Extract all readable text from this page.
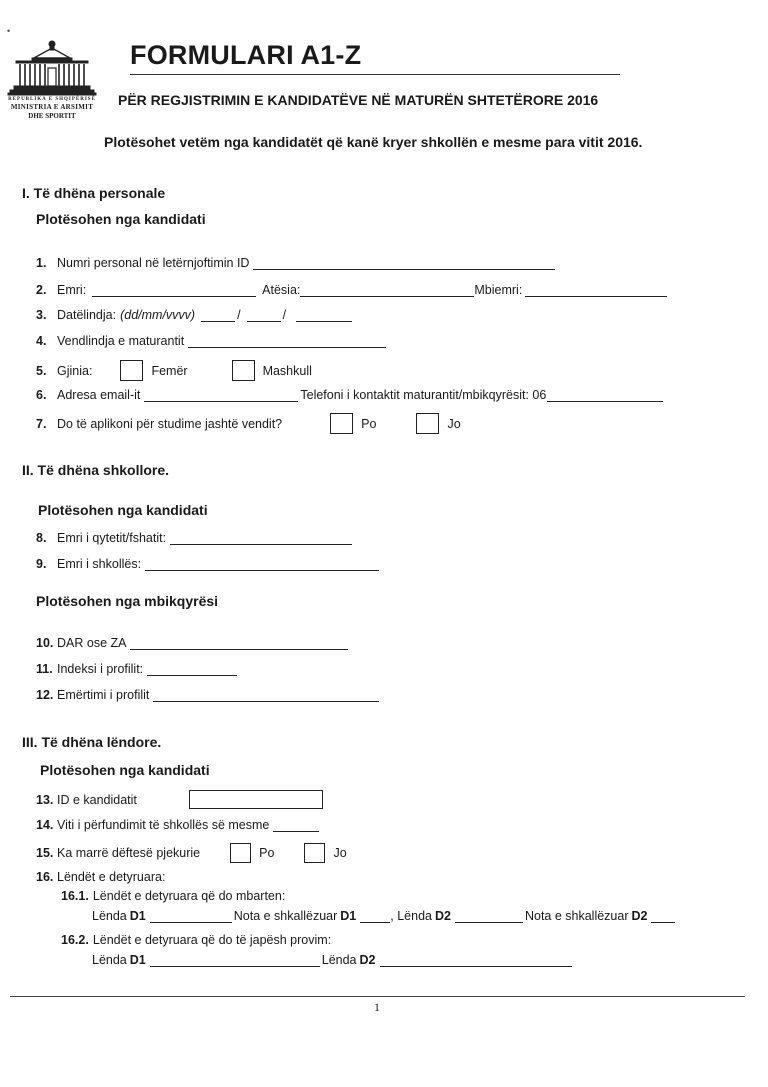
REPUBLIKA E SHQIPËRISË
MINISTRIA E ARSIMIT
DHE SPORTIT
•
FORMULARI A1-Z
PËR REGJISTRIMIN E KANDIDATËVE NË MATURËN SHTETËRORE 2016
Plotësohet vetëm nga kandidatët që kanë kryer shkollën e mesme para vitit 2016.
I. Të dhëna personale
Plotësohen nga kandidati
1. Numri personal në letërnjoftimin ID
2. Emri:	Atësia:	Mbiemri:
3. Datëlindja: (dd/mm/vvvv)	/	/
4. Vendlindja e maturantit
5. Gjinia:	Femër	Mashkull
6. Adresa email-it	Telefoni i kontaktit maturantit/mbikqyrësit: 06
7. Do të aplikoni për studime jashtë vendit?	Po	Jo
II. Të dhëna shkollore.
Plotësohen nga kandidati
8. Emri i qytetit/fshatit:
9. Emri i shkollës:
Plotësohen nga mbikqyrësi
10. DAR ose ZA
11. Indeksi i profilit:
12. Emërtimi i profilit
III. Të dhëna lëndore.
Plotësohen nga kandidati
13. ID e kandidatit
14. Viti i përfundimit të shkollës së mesme
15. Ka marrë dëftesë pjekurie	Po	Jo
16. Lëndët e detyruara:
16.1. Lëndët e detyruara që do mbarten:
Lënda D1	Nota e shkallëzuar D1	, Lënda D2	Nota e shkallëzuar D2
16.2. Lëndët e detyruara që do të japësh provim:
Lënda D1	Lënda D2
1
